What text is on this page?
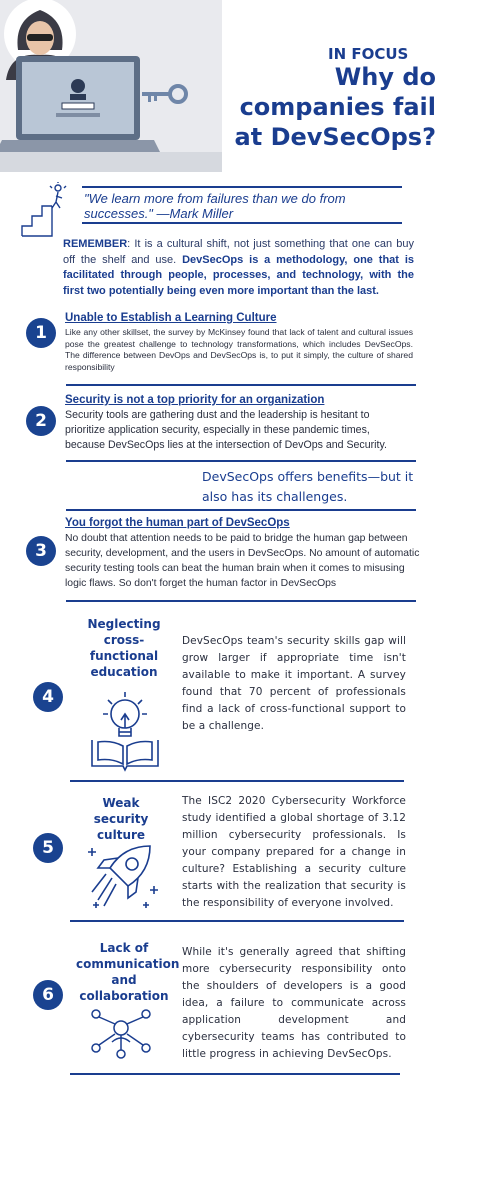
IN FOCUS
Why do
companies fail
at DevSecOps?
"We learn more from failures than we do from
successes." —Mark Miller
REMEMBER: It is a cultural shift, not just something that one can buy off the shelf and use. DevSecOps is a methodology, one that is facilitated through people, processes, and technology, with the first two potentially being even more important than the last.
1
Unable to Establish a Learning Culture
Like any other skillset, the survey by McKinsey found that lack of talent and cultural issues pose the greatest challenge to technology transformations, which includes DevSecOps. The difference between DevOps and DevSecOps is, to put it simply, the culture of shared responsibility
2
Security is not a top priority for an organization
Security tools are gathering dust and the leadership is hesitant to prioritize application security, especially in these pandemic times, because DevSecOps lies at the intersection of DevOps and Security.
DevSecOps offers benefits—but it
also has its challenges.
3
You forgot the human part of DevSecOps
No doubt that attention needs to be paid to bridge the human gap between security, development, and the users in DevSecOps. No amount of automatic security testing tools can beat the human brain when it comes to misusing logic flaws. So don't forget the human factor in DevSecOps
Neglecting cross-functional education
4
DevSecOps team's security skills gap will grow larger if appropriate time isn't available to make it important. A survey found that 70 percent of professionals find a lack of cross-functional support to be a challenge.
Weak security culture
5
The ISC2 2020 Cybersecurity Workforce study identified a global shortage of 3.12 million cybersecurity professionals. Is your company prepared for a change in culture? Establishing a security culture starts with the realization that security is the responsibility of everyone involved.
Lack of communication and collaboration
6
While it's generally agreed that shifting more cybersecurity responsibility onto the shoulders of developers is a good idea, a failure to communicate across application development and cybersecurity teams has contributed to little progress in achieving DevSecOps.
